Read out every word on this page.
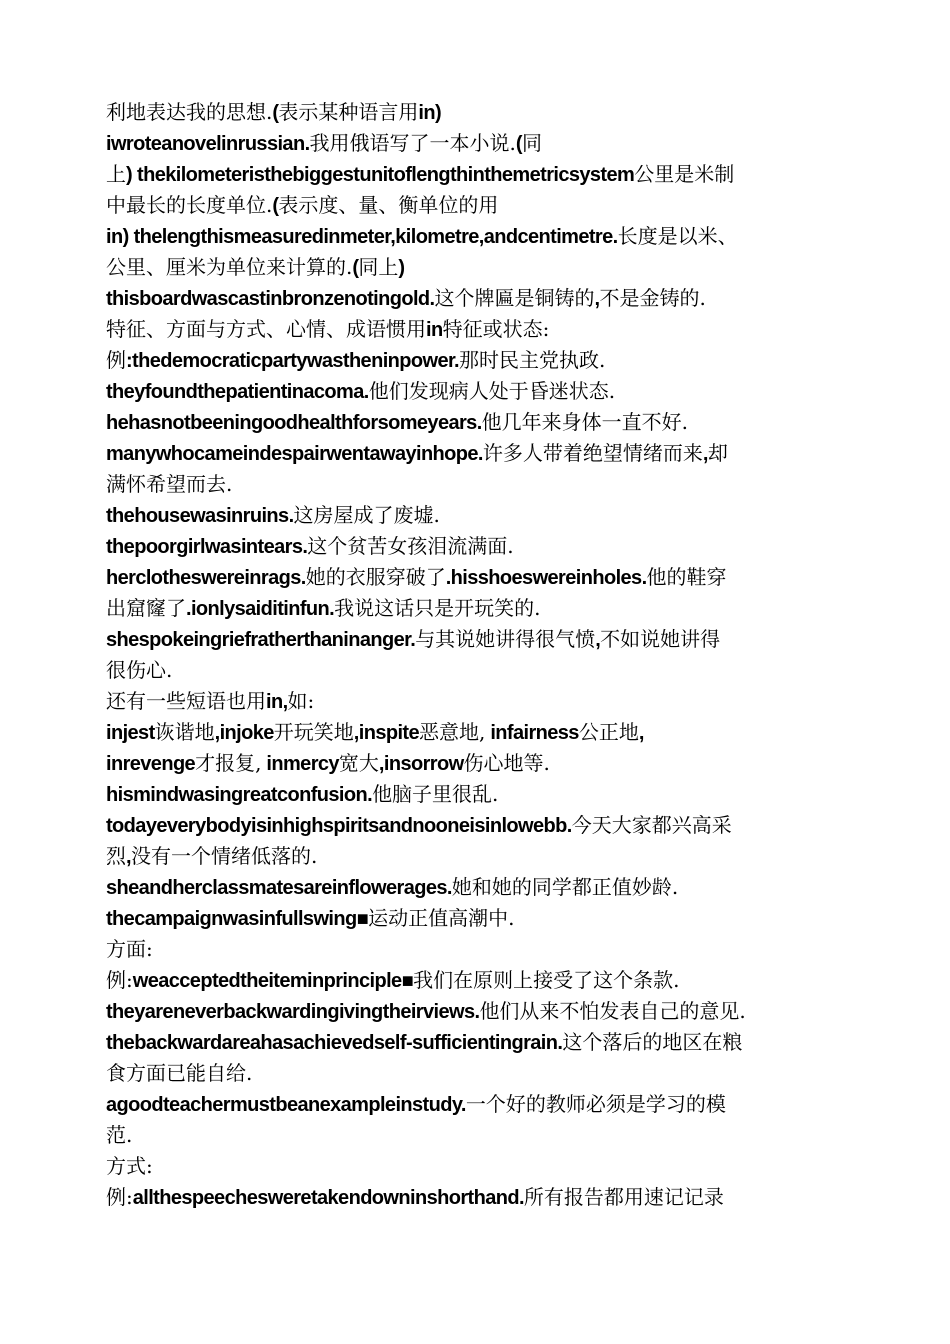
利地表达我的思想.(表示某种语言用in)
iwroteanovelinrussian.我用俄语写了一本小说.(同
上) thekilometeristhebiggestunitoflengthinthemetricsystem公里是米制
中最长的长度单位.(表示度、量、衡单位的用
in) thelengthismeasuredinmeter,kilometre,andcentimetre.长度是以米、
公里、厘米为单位来计算的.(同上)
thisboardwascastinbronzenotingold.这个牌匾是铜铸的,不是金铸的.
特征、方面与方式、心情、成语惯用in特征或状态:
例:thedemocraticpartywastheninpower.那时民主党执政.
theyfoundthepatientinacoma.他们发现病人处于昏迷状态.
hehasnotbeeningoodhealthforsomeyears.他几年来身体一直不好.
manywhocameindespairwentawayinhope.许多人带着绝望情绪而来,却
满怀希望而去.
thehousewasinruins.这房屋成了废墟.
thepoorgirlwasintears.这个贫苦女孩泪流满面.
herclotheswereinrags.她的衣服穿破了.hisshoeswereinholes.他的鞋穿
出窟窿了.ionlysaiditinfun.我说这话只是开玩笑的.
shespokeingriefratherthaninanger.与其说她讲得很气愤,不如说她讲得
很伤心.
还有一些短语也用in,如:
injest诙谐地,injoke开玩笑地,inspite恶意地, infairness公正地,
inrevenge才报复, inmercy宽大,insorrow伤心地等.
hismindwasingreatconfusion.他脑子里很乱.
todayeverybodyisinhighspiritsandnooneisinlowebb.今天大家都兴高采
烈,没有一个情绪低落的.
sheandherclassmatesareinflowerages.她和她的同学都正值妙龄.
thecampaignwasinfullswing■运动正值高潮中.
方面:
例:weacceptedtheiteminprinciple■我们在原则上接受了这个条款.
theyareneverbackwardingivingtheirviews.他们从来不怕发表自己的意见.
thebackwardareahasachievedself-sufficientingrain.这个落后的地区在粮
食方面已能自给.
agoodteachermustbeanexampleinstudy.一个好的教师必须是学习的模
范.
方式:
例:allthespeechesweretakendowninshorthand.所有报告都用速记记录
